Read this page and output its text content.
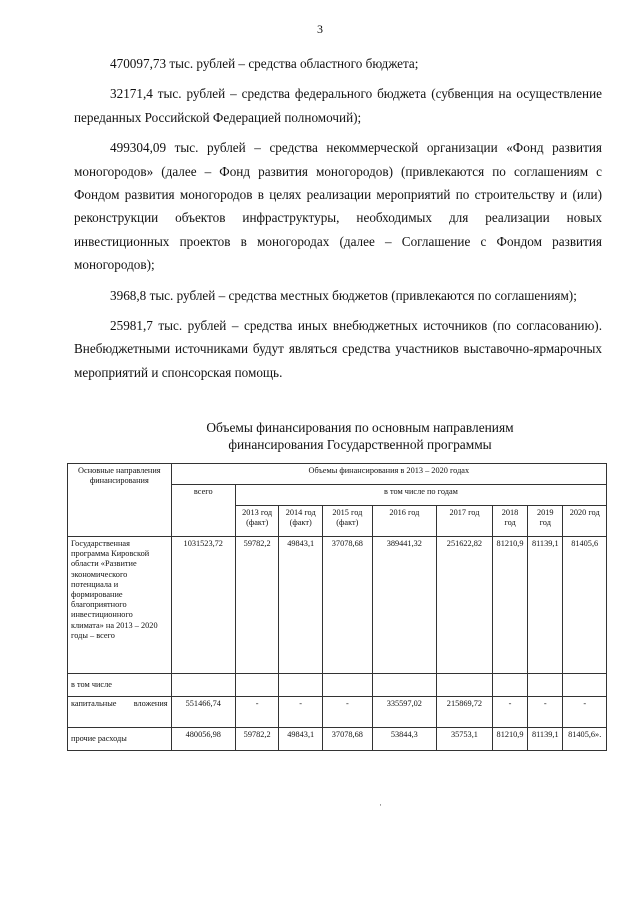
3

470097,73 тыс. рублей – средства областного бюджета;

32171,4 тыс. рублей – средства федерального бюджета (субвенция на осуществление переданных Российской Федерацией полномочий);

499304,09 тыс. рублей – средства некоммерческой организации «Фонд развития моногородов» (далее – Фонд развития моногородов) (привлекаются по соглашениям с Фондом развития моногородов в целях реализации мероприятий по строительству и (или) реконструкции объектов инфраструктуры, необходимых для реализации новых инвестиционных проектов в моногородах (далее – Соглашение с Фондом развития моногородов);

3968,8 тыс. рублей – средства местных бюджетов (привлекаются по соглашениям);

25981,7 тыс. рублей – средства иных внебюджетных источников (по согласованию). Внебюджетными источниками будут являться средства участников выставочно-ярмарочных мероприятий и спонсорская помощь.

Объемы финансирования по основным направлениям
финансирования Государственной программы
Основные направления финансирования	Объемы финансирования в 2013 – 2020 годах								
	всего	в том числе по годам							
		2013 год (факт)	2014 год (факт)	2015 год (факт)	2016 год	2017 год	2018 год	2019 год	2020 год
Государственная программа Кировской области «Развитие экономического потенциала и формирование благоприятного инвестиционного климата» на 2013 – 2020 годы – всего	1031523,72	59782,2	49843,1	37078,68	389441,32	251622,82	81210,9	81139,1	81405,6
в том числе									

капитальные вложения	551466,74	-	-	-	335597,02	215869,72	-	-	-
прочие расходы	480056,98	59782,2	49843,1	37078,68	53844,3	35753,1	81210,9	81139,1	81405,6».
·
